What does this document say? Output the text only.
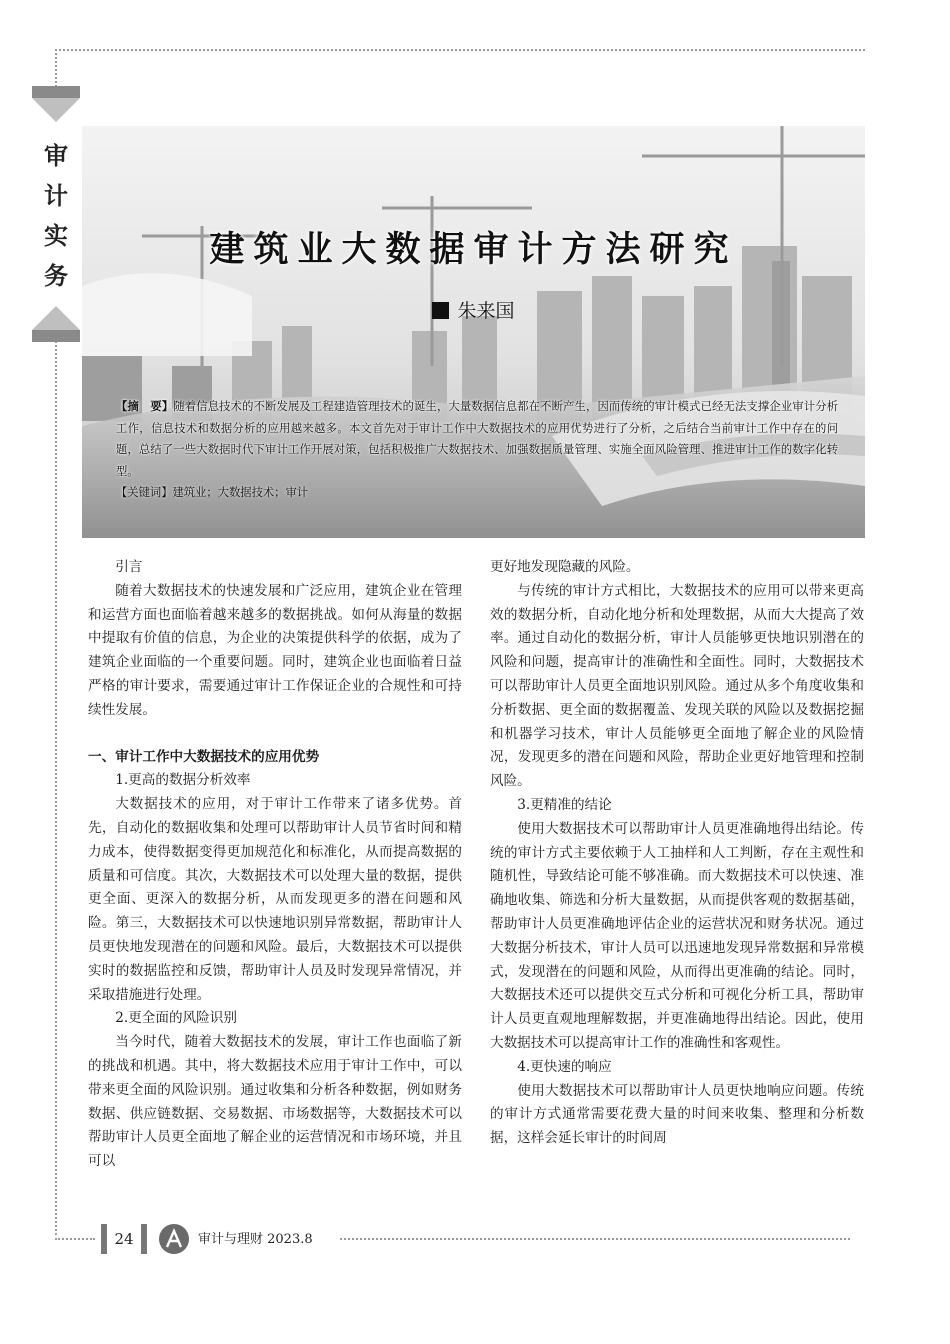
审
计
实
务
建筑业大数据审计方法研究
朱来国
【摘　要】随着信息技术的不断发展及工程建造管理技术的诞生，大量数据信息都在不断产生，因而传统的审计模式已经无法支撑企业审计分析工作，信息技术和数据分析的应用越来越多。本文首先对于审计工作中大数据技术的应用优势进行了分析，之后结合当前审计工作中存在的问题，总结了一些大数据时代下审计工作开展对策，包括积极推广大数据技术、加强数据质量管理、实施全面风险管理、推进审计工作的数字化转型。
【关键词】建筑业；大数据技术；审计

引言

随着大数据技术的快速发展和广泛应用，建筑企业在管理和运营方面也面临着越来越多的数据挑战。如何从海量的数据中提取有价值的信息，为企业的决策提供科学的依据，成为了建筑企业面临的一个重要问题。同时，建筑企业也面临着日益严格的审计要求，需要通过审计工作保证企业的合规性和可持续性发展。

一、审计工作中大数据技术的应用优势

1.更高的数据分析效率

大数据技术的应用，对于审计工作带来了诸多优势。首先，自动化的数据收集和处理可以帮助审计人员节省时间和精力成本，使得数据变得更加规范化和标准化，从而提高数据的质量和可信度。其次，大数据技术可以处理大量的数据，提供更全面、更深入的数据分析，从而发现更多的潜在问题和风险。第三，大数据技术可以快速地识别异常数据，帮助审计人员更快地发现潜在的问题和风险。最后，大数据技术可以提供实时的数据监控和反馈，帮助审计人员及时发现异常情况，并采取措施进行处理。

2.更全面的风险识别

当今时代，随着大数据技术的发展，审计工作也面临了新的挑战和机遇。其中，将大数据技术应用于审计工作中，可以带来更全面的风险识别。通过收集和分析各种数据，例如财务数据、供应链数据、交易数据、市场数据等，大数据技术可以帮助审计人员更全面地了解企业的运营情况和市场环境，并且可以

更好地发现隐藏的风险。

与传统的审计方式相比，大数据技术的应用可以带来更高效的数据分析，自动化地分析和处理数据，从而大大提高了效率。通过自动化的数据分析，审计人员能够更快地识别潜在的风险和问题，提高审计的准确性和全面性。同时，大数据技术可以帮助审计人员更全面地识别风险。通过从多个角度收集和分析数据、更全面的数据覆盖、发现关联的风险以及数据挖掘和机器学习技术，审计人员能够更全面地了解企业的风险情况，发现更多的潜在问题和风险，帮助企业更好地管理和控制风险。

3.更精准的结论

使用大数据技术可以帮助审计人员更准确地得出结论。传统的审计方式主要依赖于人工抽样和人工判断，存在主观性和随机性，导致结论可能不够准确。而大数据技术可以快速、准确地收集、筛选和分析大量数据，从而提供客观的数据基础，帮助审计人员更准确地评估企业的运营状况和财务状况。通过大数据分析技术，审计人员可以迅速地发现异常数据和异常模式，发现潜在的问题和风险，从而得出更准确的结论。同时，大数据技术还可以提供交互式分析和可视化分析工具，帮助审计人员更直观地理解数据，并更准确地得出结论。因此，使用大数据技术可以提高审计工作的准确性和客观性。

4.更快速的响应

使用大数据技术可以帮助审计人员更快地响应问题。传统的审计方式通常需要花费大量的时间来收集、整理和分析数据，这样会延长审计的时间周

24	审计与理财 2023.8
